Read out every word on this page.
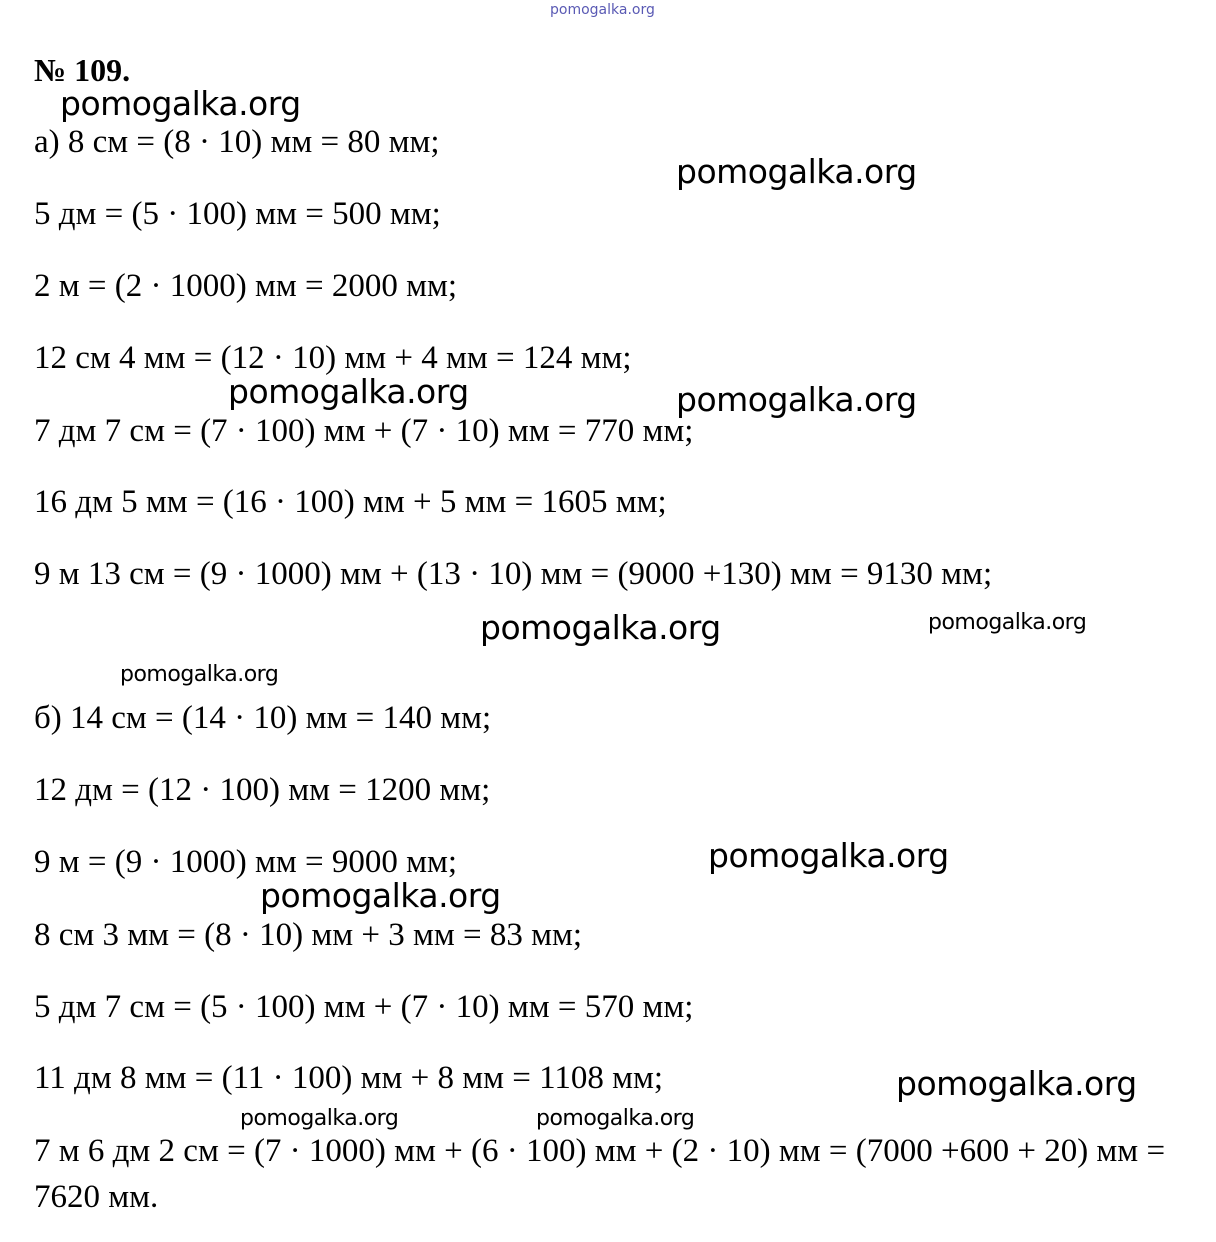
pomogalka.org
№ 109.
pomogalka.org
pomogalka.org
pomogalka.org	pomogalka.org
pomogalka.org	pomogalka.org
pomogalka.org
pomogalka.org
pomogalka.org
pomogalka.org
pomogalka.org	pomogalka.org
а) 8 см = (8 · 10) мм = 80 мм;
5 дм = (5 · 100) мм = 500 мм;
2 м = (2 · 1000) мм = 2000 мм;
12 см 4 мм = (12 · 10) мм + 4 мм = 124 мм;
7 дм 7 см = (7 · 100) мм + (7 · 10) мм = 770 мм;
16 дм 5 мм = (16 · 100) мм + 5 мм = 1605 мм;
9 м 13 см = (9 · 1000) мм + (13 · 10) мм = (9000 +130) мм = 9130 мм;
б) 14 см = (14 · 10) мм = 140 мм;
12 дм = (12 · 100) мм = 1200 мм;
9 м = (9 · 1000) мм = 9000 мм;
8 см 3 мм = (8 · 10) мм + 3 мм = 83 мм;
5 дм 7 см = (5 · 100) мм + (7 · 10) мм = 570 мм;
11 дм 8 мм = (11 · 100) мм + 8 мм = 1108 мм;
7 м 6 дм 2 см = (7 · 1000) мм + (6 · 100) мм + (2 · 10) мм = (7000 +600 + 20) мм = 7620 мм.
